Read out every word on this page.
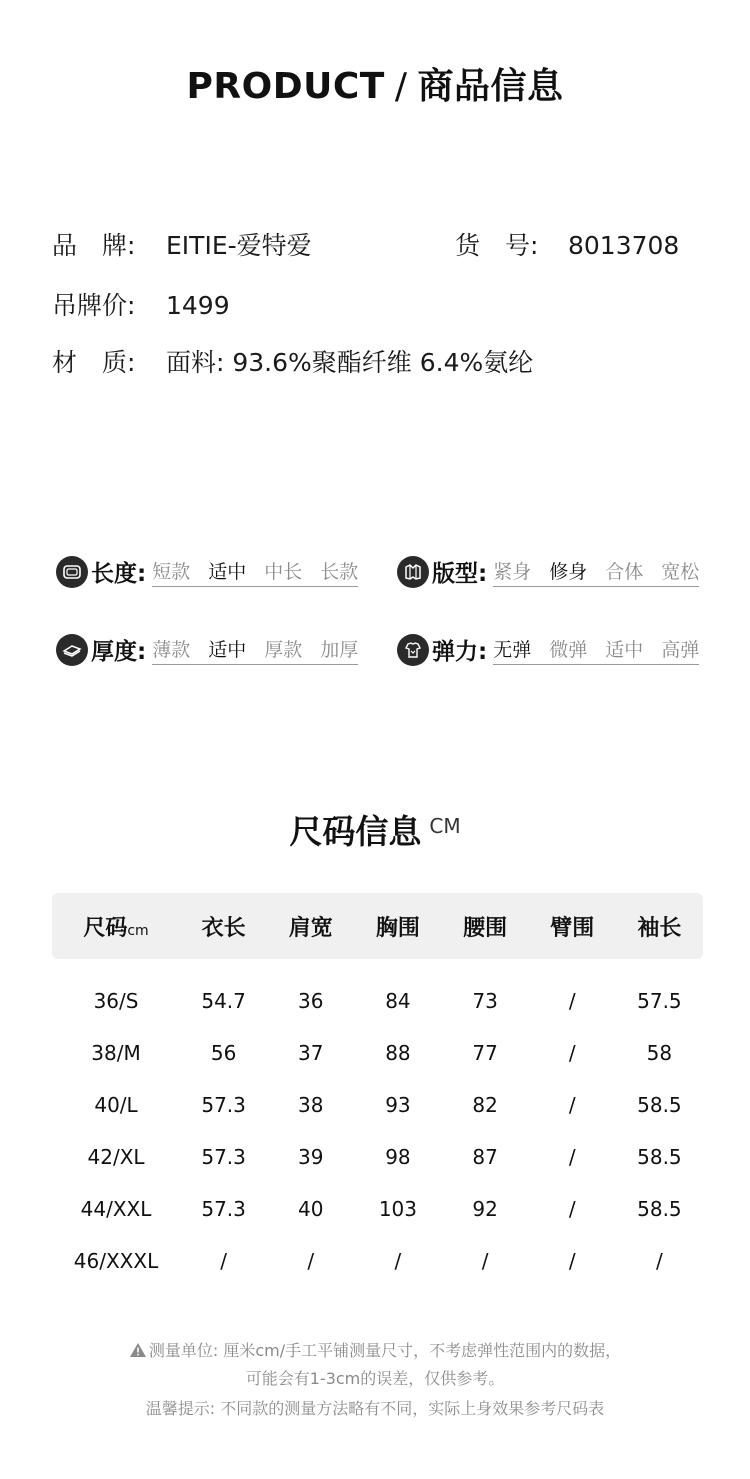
PRODUCT / 商品信息
品　牌: EITIE-爱特爱	货　号: 8013708
吊牌价: 1499
材　质: 面料: 93.6%聚酯纤维 6.4%氨纶
长度: 短款 适中 中长 长款	版型: 紧身 修身 合体 宽松
厚度: 薄款 适中 厚款 加厚	弹力: 无弹 微弹 适中 高弹
尺码信息 CM
尺码cm	衣长	肩宽	胸围	腰围	臂围	袖长
36/S	54.7	36	84	73	/	57.5
38/M	56	37	88	77	/	58
40/L	57.3	38	93	82	/	58.5
42/XL	57.3	39	98	87	/	58.5
44/XXL	57.3	40	103	92	/	58.5
46/XXXL	/	/	/	/	/	/
测量单位: 厘米cm/手工平铺测量尺寸，不考虑弹性范围内的数据，
可能会有1-3cm的误差，仅供参考。
温馨提示: 不同款的测量方法略有不同，实际上身效果参考尺码表
